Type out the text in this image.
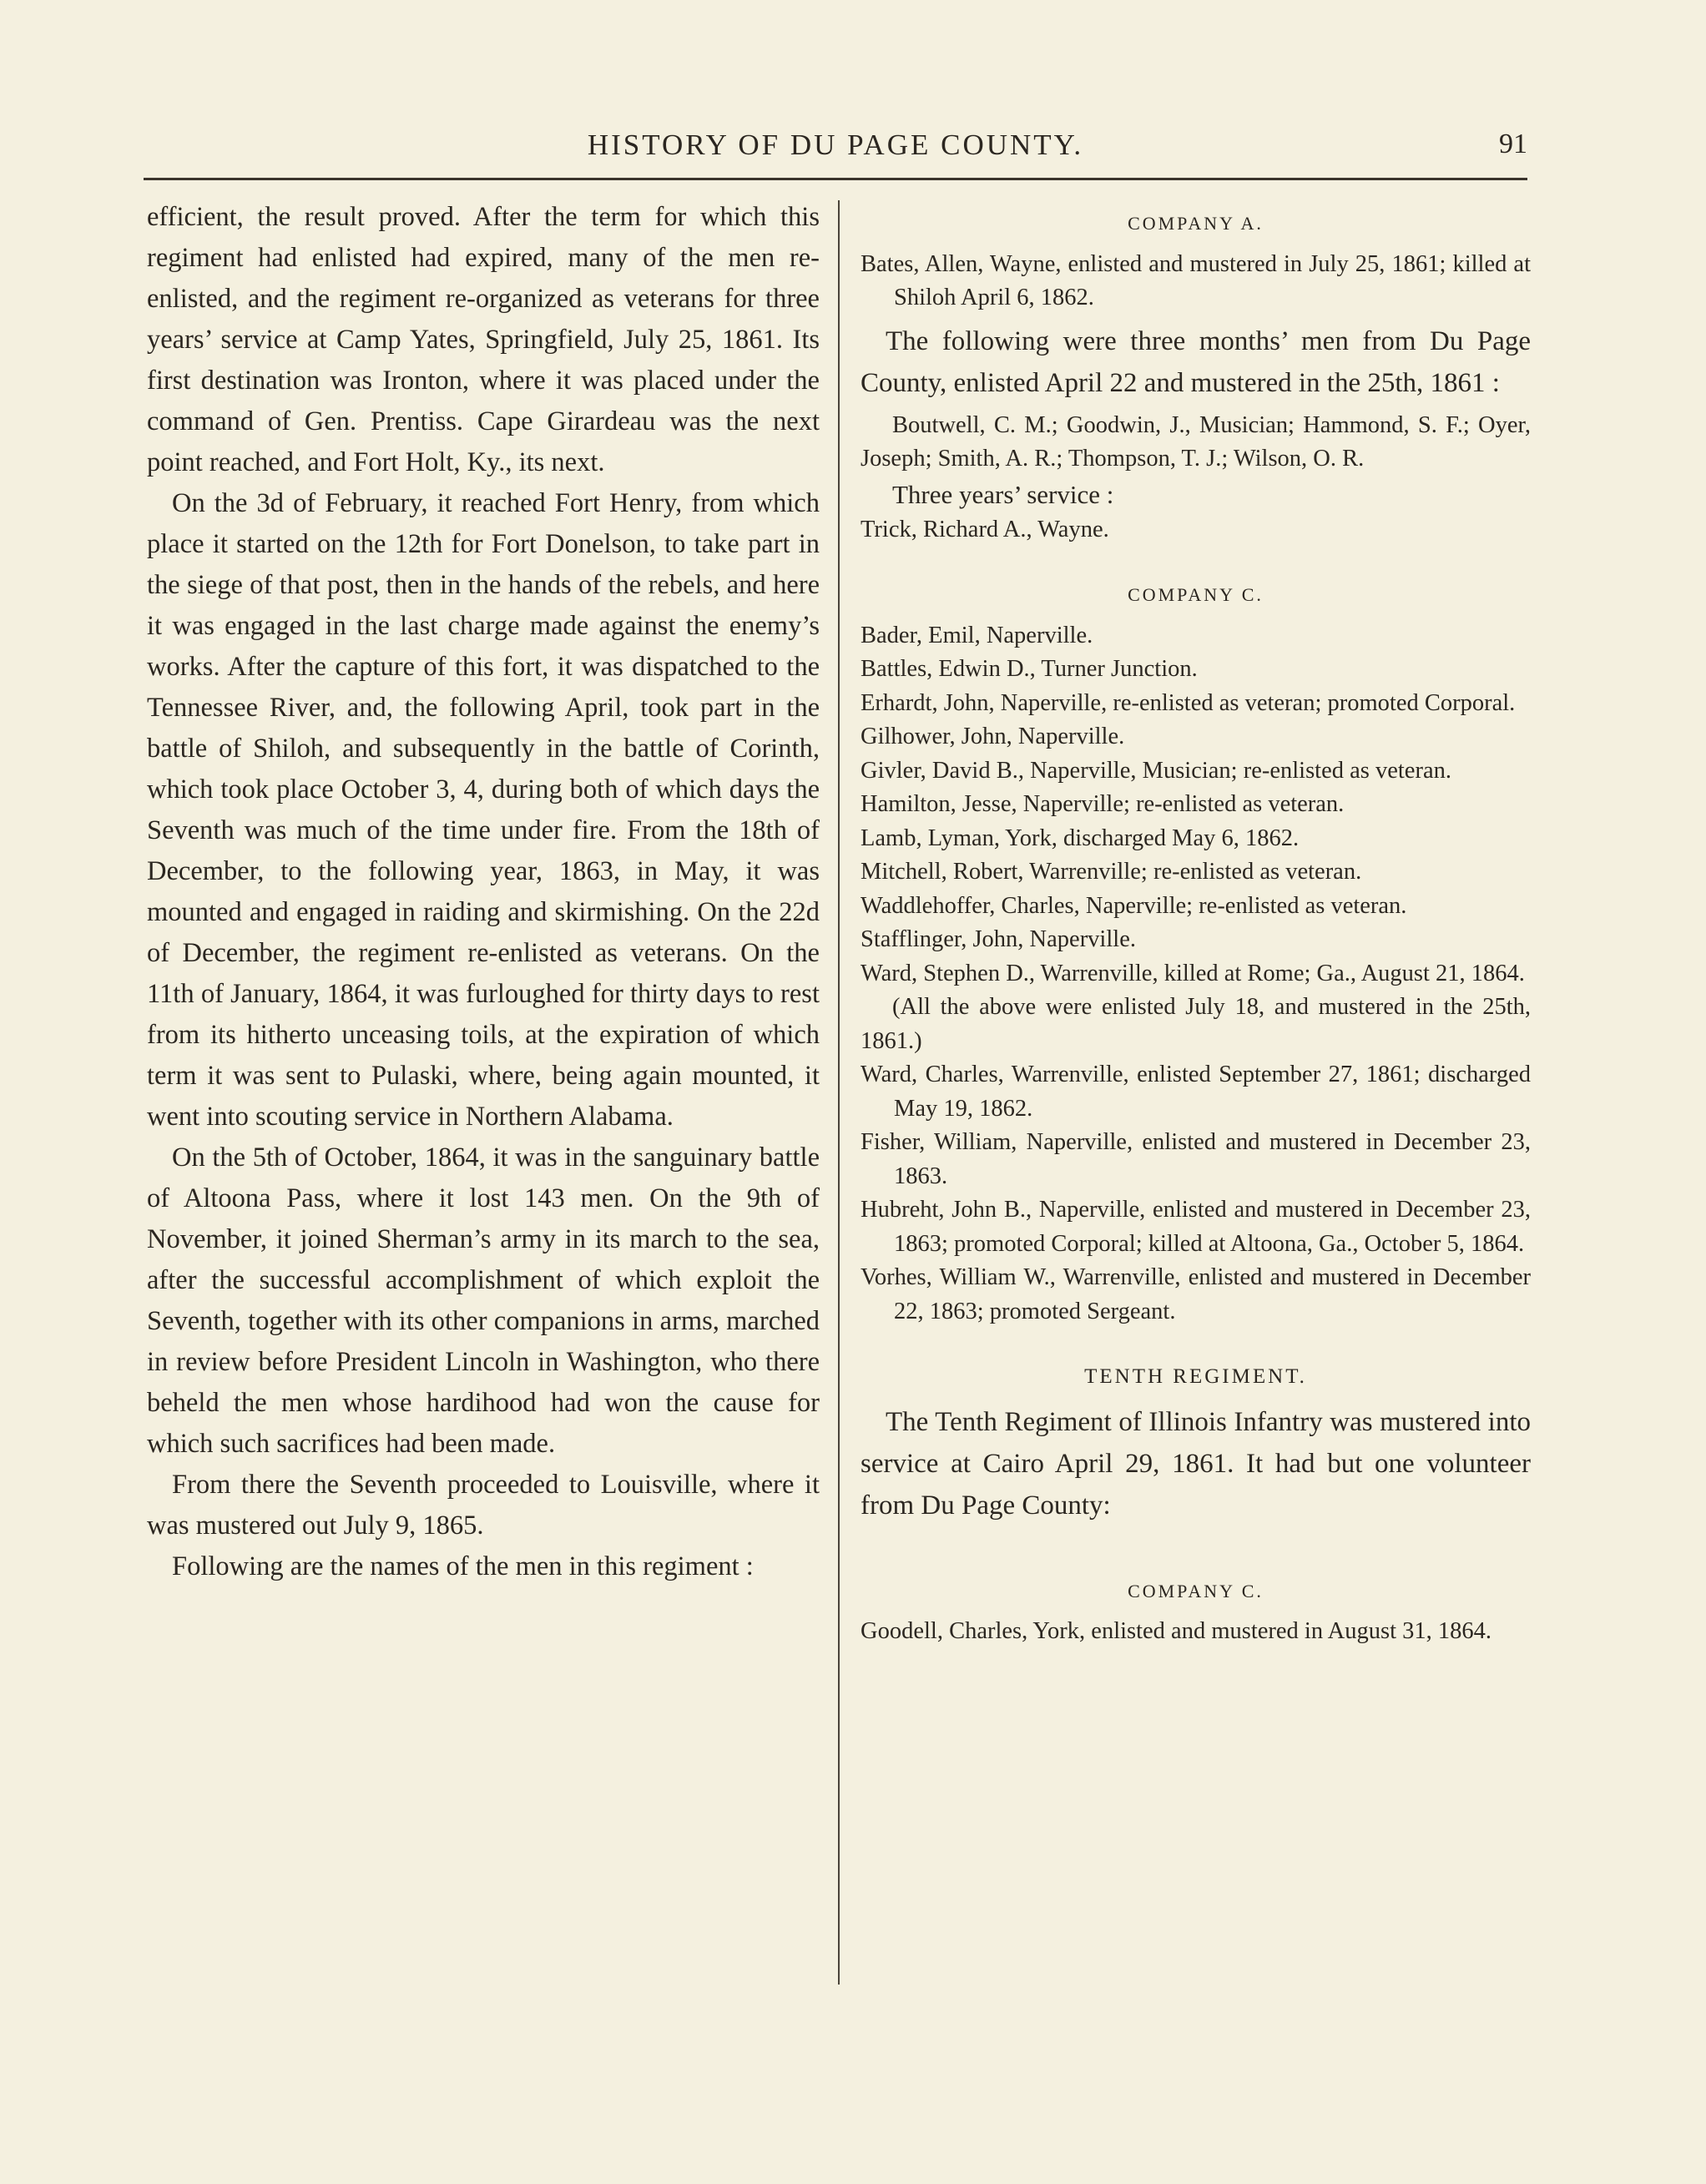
HISTORY OF DU PAGE COUNTY.	91

efficient, the result proved. After the term for which this regiment had enlisted had expired, many of the men re-enlisted, and the regiment re-organized as veterans for three years’ service at Camp Yates, Springfield, July 25, 1861. Its first destination was Ironton, where it was placed under the command of Gen. Prentiss. Cape Girardeau was the next point reached, and Fort Holt, Ky., its next.

On the 3d of February, it reached Fort Henry, from which place it started on the 12th for Fort Donelson, to take part in the siege of that post, then in the hands of the rebels, and here it was engaged in the last charge made against the enemy’s works. After the capture of this fort, it was dispatched to the Tennessee River, and, the following April, took part in the battle of Shiloh, and subsequently in the battle of Corinth, which took place October 3, 4, during both of which days the Seventh was much of the time under fire. From the 18th of December, to the following year, 1863, in May, it was mounted and engaged in raiding and skirmishing. On the 22d of December, the regiment re-enlisted as veterans. On the 11th of January, 1864, it was furloughed for thirty days to rest from its hitherto unceasing toils, at the expiration of which term it was sent to Pulaski, where, being again mounted, it went into scouting service in Northern Alabama.

On the 5th of October, 1864, it was in the sanguinary battle of Altoona Pass, where it lost 143 men. On the 9th of November, it joined Sherman’s army in its march to the sea, after the successful accomplishment of which exploit the Seventh, together with its other companions in arms, marched in review before President Lincoln in Washington, who there beheld the men whose hardihood had won the cause for which such sacrifices had been made.

From there the Seventh proceeded to Louisville, where it was mustered out July 9, 1865.

Following are the names of the men in this regiment :

COMPANY A.
Bates, Allen, Wayne, enlisted and mustered in July 25, 1861; killed at Shiloh April 6, 1862.
The following were three months’ men from Du Page County, enlisted April 22 and mustered in the 25th, 1861 :
Boutwell, C. M.; Goodwin, J., Musician; Hammond, S. F.; Oyer, Joseph; Smith, A. R.; Thompson, T. J.; Wilson, O. R.
Three years’ service :
Trick, Richard A., Wayne.
COMPANY C.
Bader, Emil, Naperville.
Battles, Edwin D., Turner Junction.
Erhardt, John, Naperville, re-enlisted as veteran; promoted Corporal.
Gilhower, John, Naperville.
Givler, David B., Naperville, Musician; re-enlisted as veteran.
Hamilton, Jesse, Naperville; re-enlisted as veteran.
Lamb, Lyman, York, discharged May 6, 1862.
Mitchell, Robert, Warrenville; re-enlisted as veteran.
Waddlehoffer, Charles, Naperville; re-enlisted as veteran.
Stafflinger, John, Naperville.
Ward, Stephen D., Warrenville, killed at Rome; Ga., August 21, 1864.
(All the above were enlisted July 18, and mustered in the 25th, 1861.)
Ward, Charles, Warrenville, enlisted September 27, 1861; discharged May 19, 1862.
Fisher, William, Naperville, enlisted and mustered in December 23, 1863.
Hubreht, John B., Naperville, enlisted and mustered in December 23, 1863; promoted Corporal; killed at Altoona, Ga., October 5, 1864.
Vorhes, William W., Warrenville, enlisted and mustered in December 22, 1863; promoted Sergeant.
TENTH REGIMENT.
The Tenth Regiment of Illinois Infantry was mustered into service at Cairo April 29, 1861. It had but one volunteer from Du Page County:
COMPANY C.
Goodell, Charles, York, enlisted and mustered in August 31, 1864.
